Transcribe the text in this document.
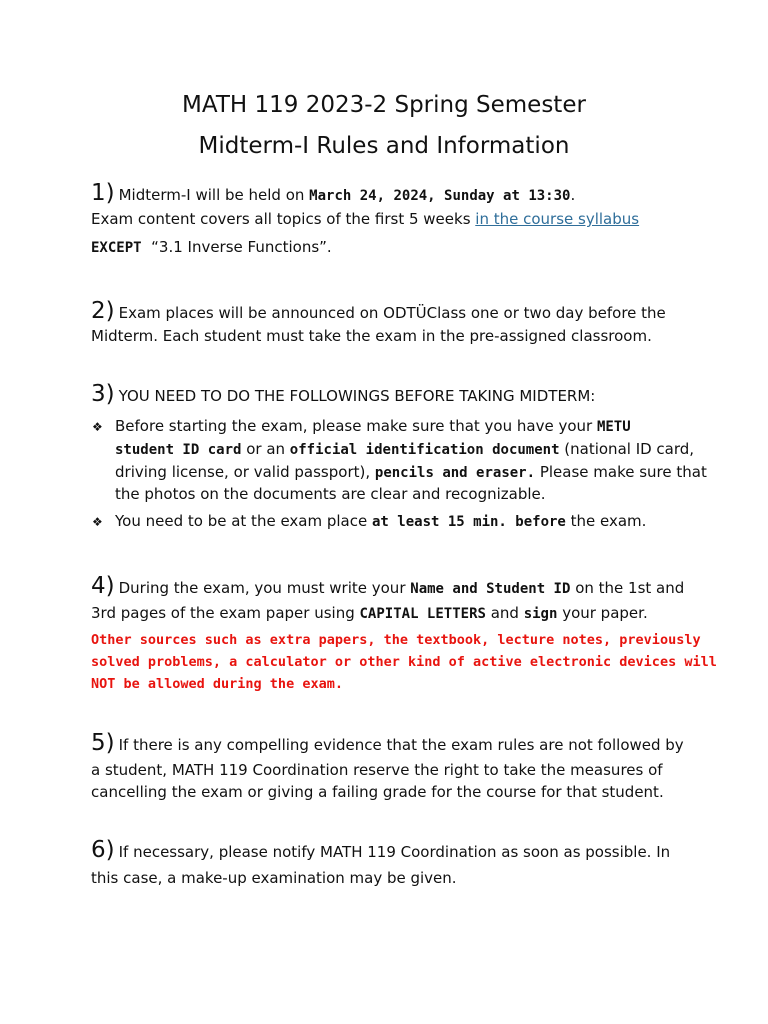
MATH 119 2023-2 Spring Semester
Midterm-I Rules and Information
1) Midterm-I will be held on March 24, 2024, Sunday at 13:30.
Exam content covers all topics of the first 5 weeks in the course syllabus
EXCEPT “3.1 Inverse Functions”.
2) Exam places will be announced on ODTÜClass one or two day before the
Midterm. Each student must take the exam in the pre-assigned classroom.
3) YOU NEED TO DO THE FOLLOWINGS BEFORE TAKING MIDTERM:
❖ Before starting the exam, please make sure that you have your METU
student ID card or an official identification document (national ID card,
driving license, or valid passport), pencils and eraser. Please make sure that
the photos on the documents are clear and recognizable.
❖ You need to be at the exam place at least 15 min. before the exam.
4) During the exam, you must write your Name and Student ID on the 1st and
3rd pages of the exam paper using CAPITAL LETTERS and sign your paper.
Other sources such as extra papers, the textbook, lecture notes, previously
solved problems, a calculator or other kind of active electronic devices will
NOT be allowed during the exam.
5) If there is any compelling evidence that the exam rules are not followed by
a student, MATH 119 Coordination reserve the right to take the measures of
cancelling the exam or giving a failing grade for the course for that student.
6) If necessary, please notify MATH 119 Coordination as soon as possible. In
this case, a make-up examination may be given.
